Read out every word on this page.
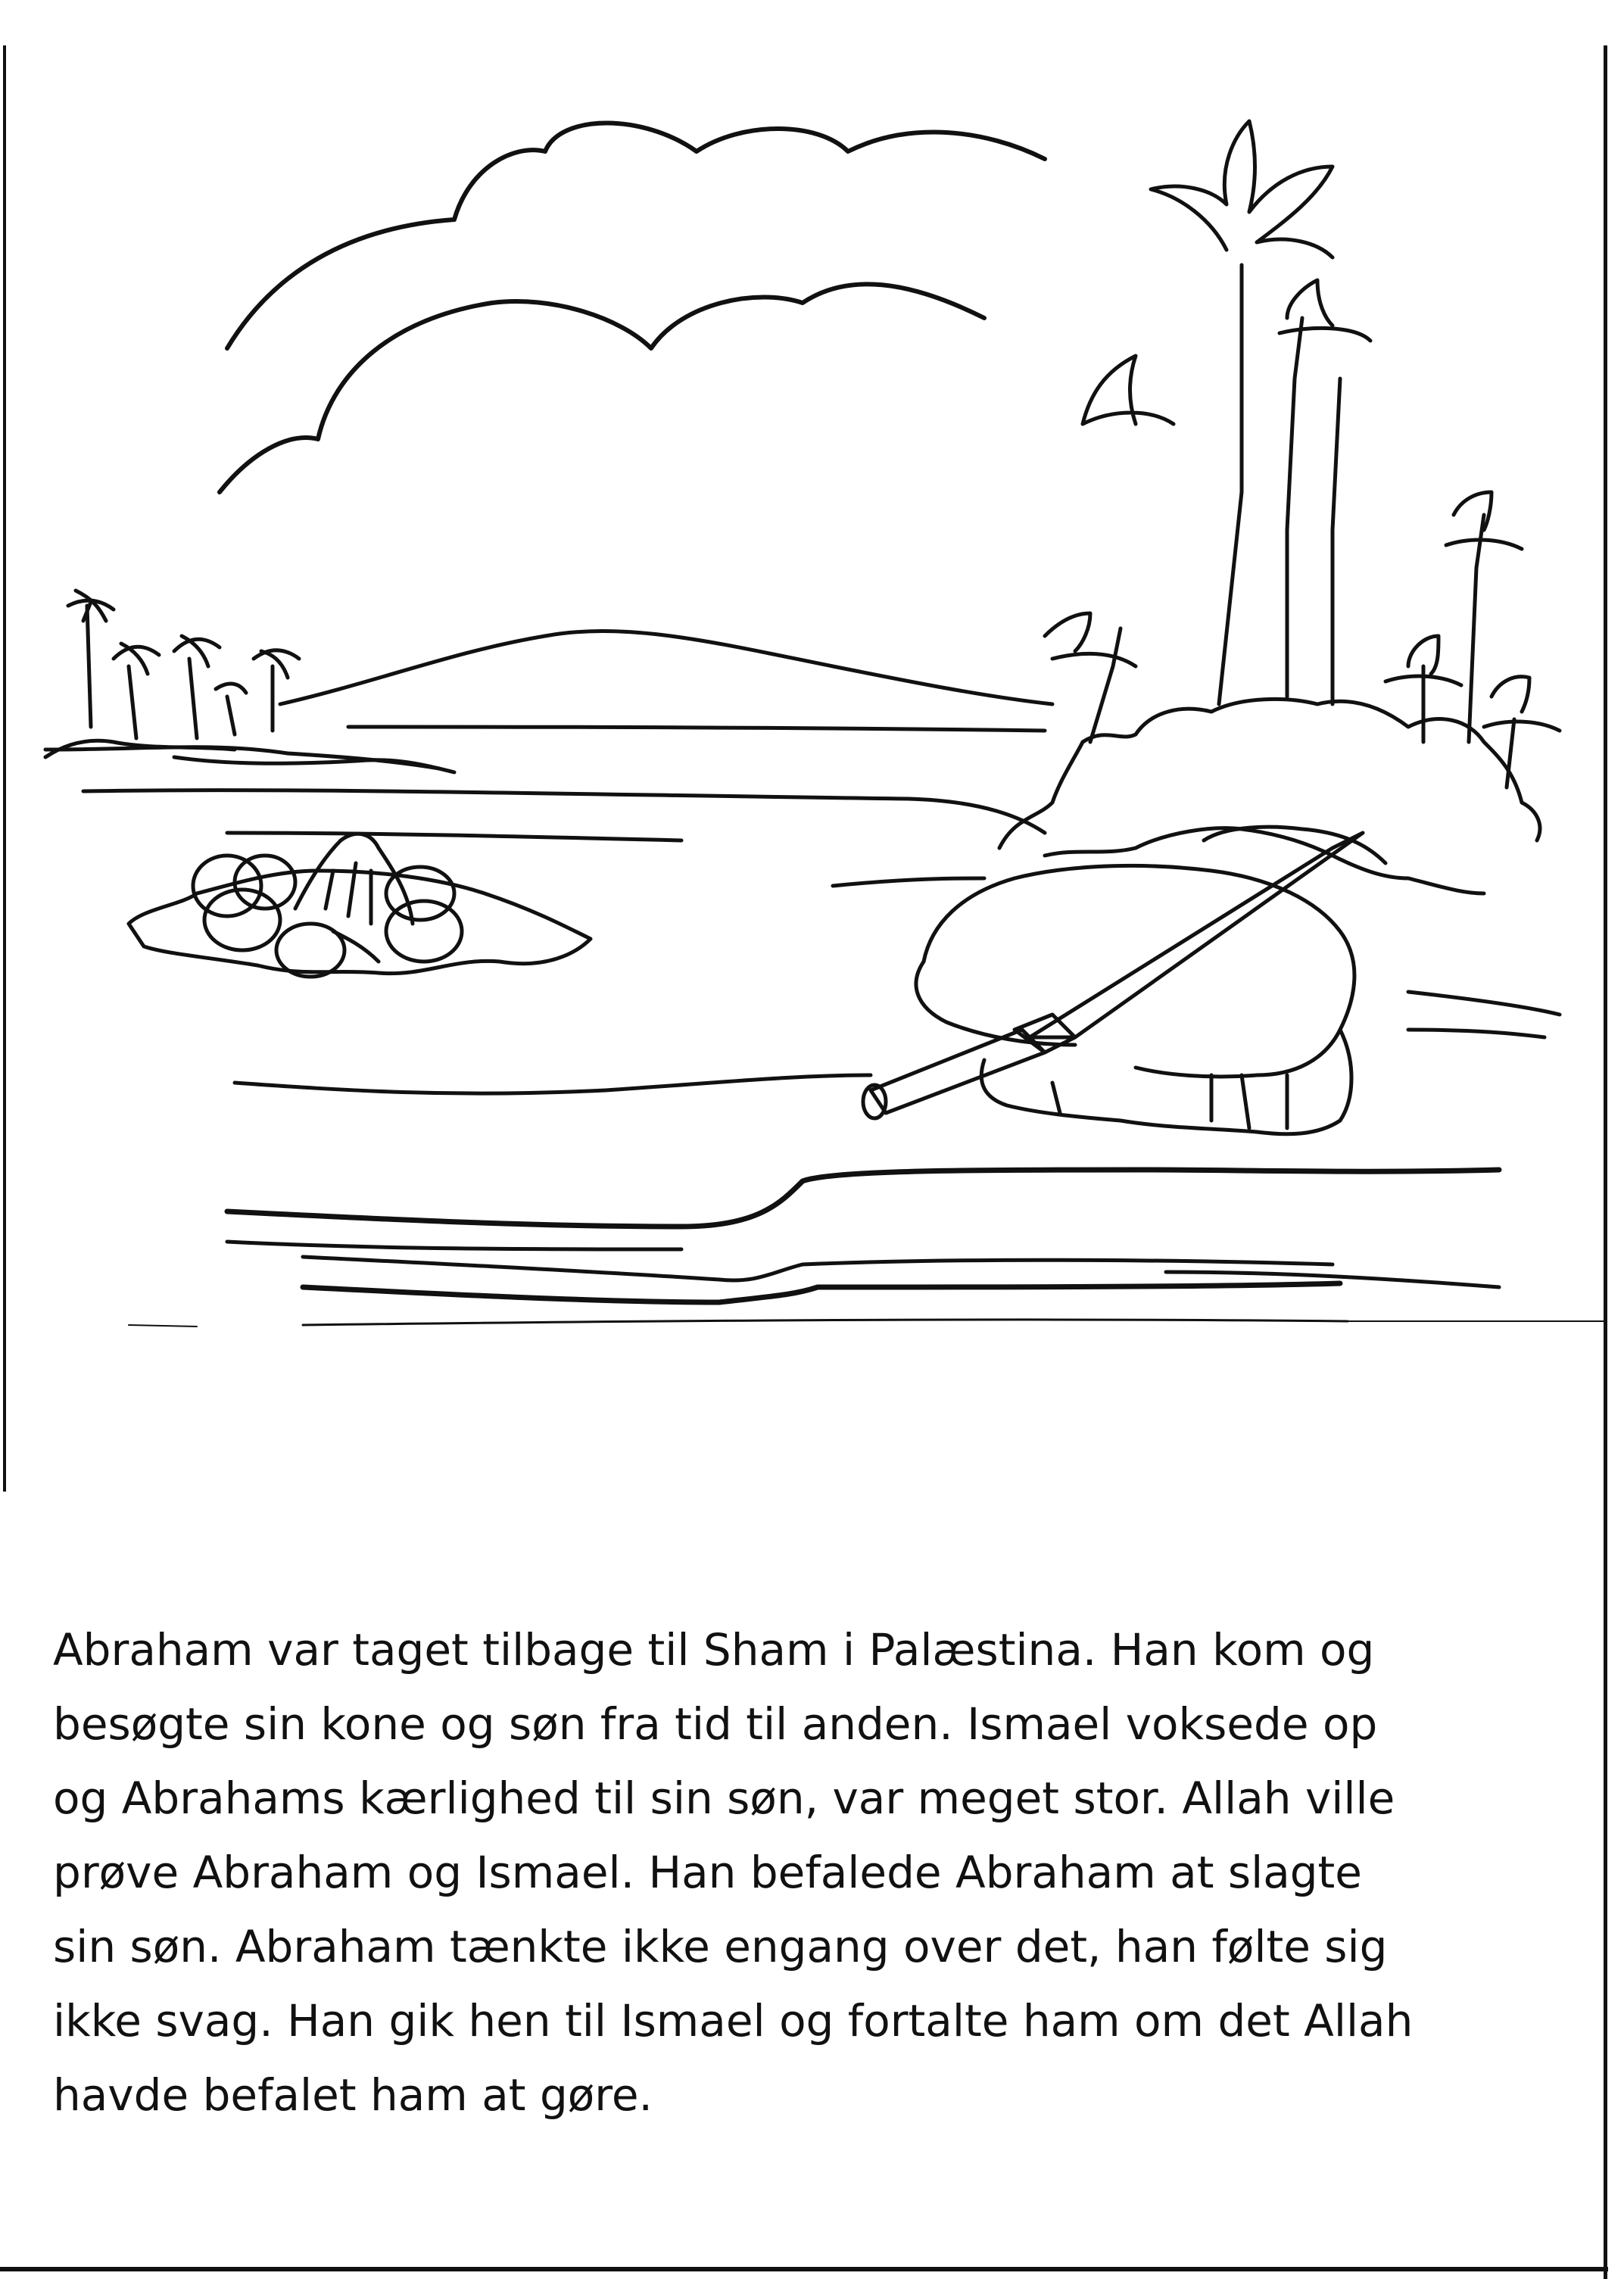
Abraham var taget tilbage til Sham i Palæstina. Han kom og
besøgte sin kone og søn fra tid til anden. Ismael voksede op
og Abrahams kærlighed til sin søn, var meget stor. Allah ville
prøve Abraham og Ismael. Han befalede Abraham at slagte
sin søn. Abraham tænkte ikke engang over det, han følte sig
ikke svag. Han gik hen til Ismael og fortalte ham om det Allah
havde befalet ham at gøre.
